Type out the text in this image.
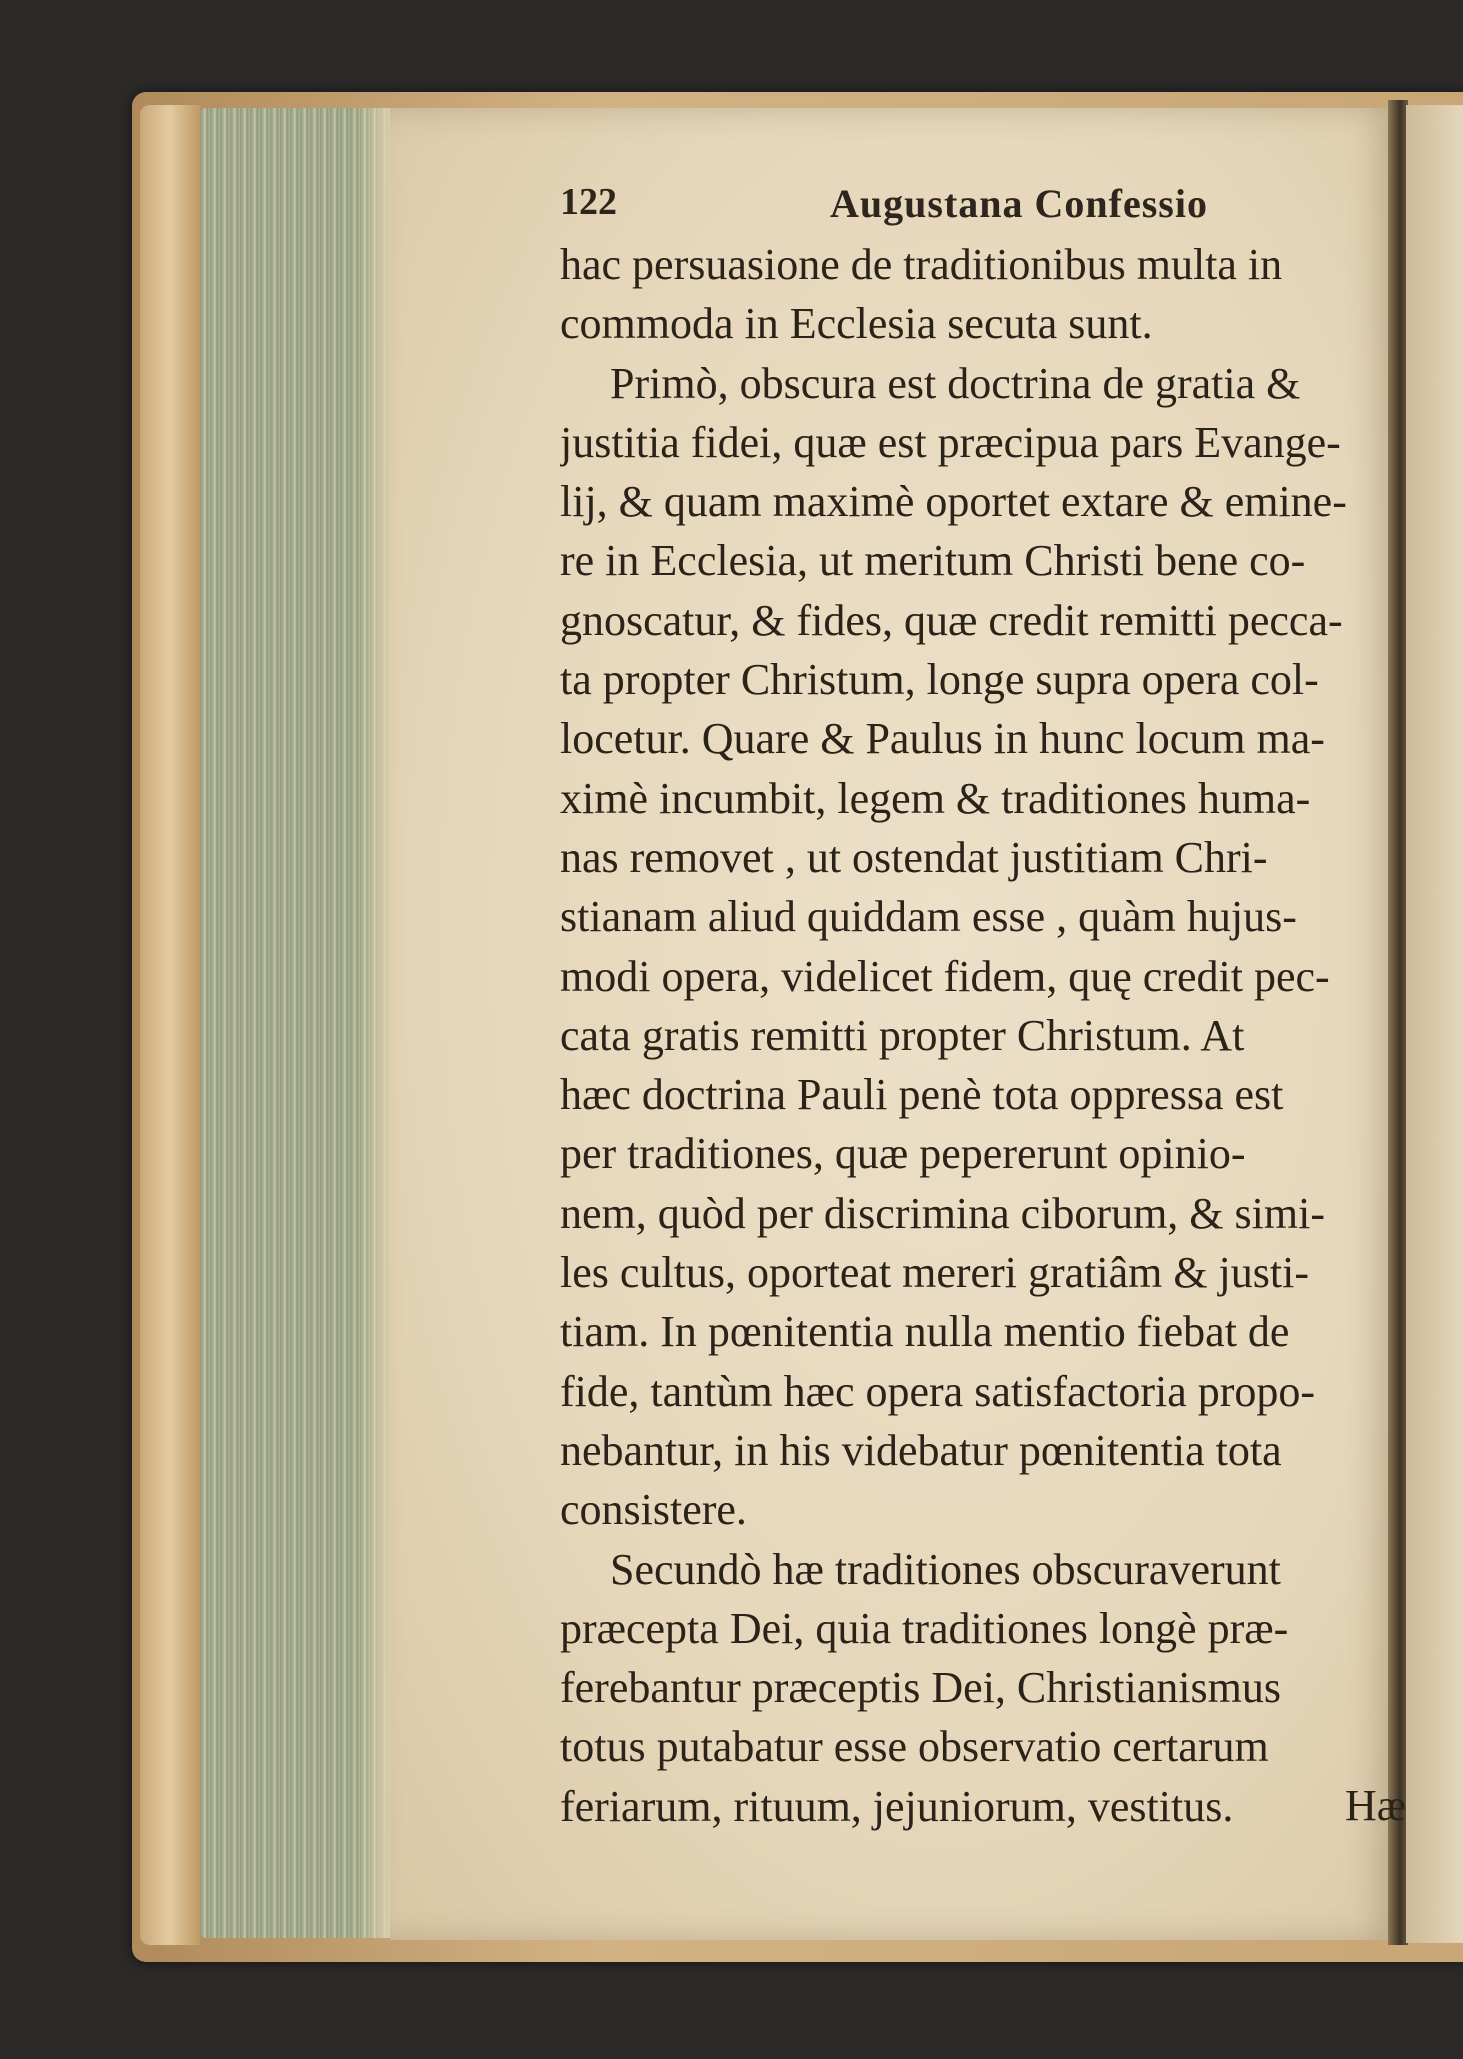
122	Augustana Confessio
hac persuasione de traditionibus multa in
commoda in Ecclesia secuta sunt.
Primò, obscura est doctrina de gratia &
justitia fidei, quæ est præcipua pars Evange-
lij, & quam maximè oportet extare & emine-
re in Ecclesia, ut meritum Christi bene co-
gnoscatur, & fides, quæ credit remitti pecca-
ta propter Christum, longe supra opera col-
locetur. Quare & Paulus in hunc locum ma-
ximè incumbit, legem & traditiones huma-
nas removet , ut ostendat justitiam Chri-
stianam aliud quiddam esse , quàm hujus-
modi opera, videlicet fidem, quę credit pec-
cata gratis remitti propter Christum. At
hæc doctrina Pauli penè tota oppressa est
per traditiones, quæ pepererunt opinio-
nem, quòd per discrimina ciborum, & simi-
les cultus, oporteat mereri gratiâm & justi-
tiam. In pœnitentia nulla mentio fiebat de
fide, tantùm hæc opera satisfactoria propo-
nebantur, in his videbatur pœnitentia tota
consistere.
Secundò hæ traditiones obscuraverunt
præcepta Dei, quia traditiones longè præ-
ferebantur præceptis Dei, Christianismus
totus putabatur esse observatio certarum
feriarum, rituum, jejuniorum, vestitus.	Hæ
